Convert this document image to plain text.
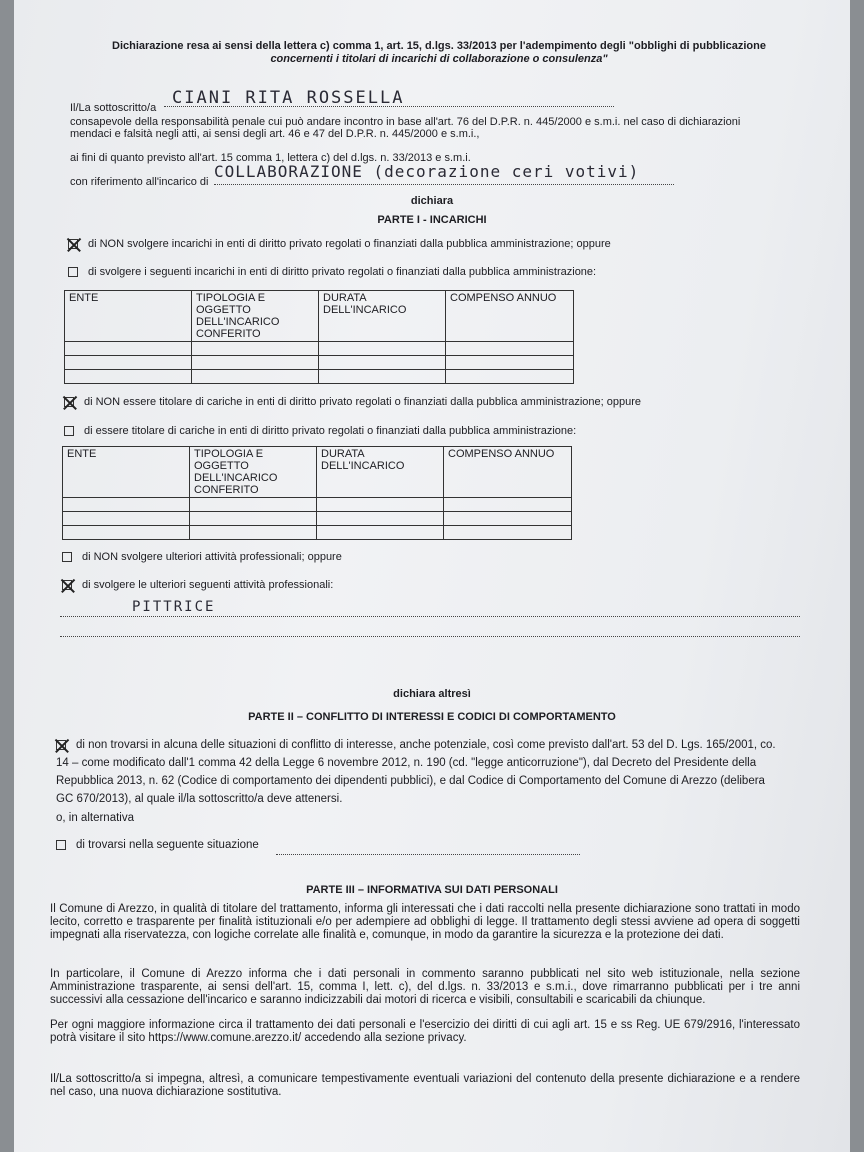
Dichiarazione resa ai sensi della lettera c) comma 1, art. 15, d.lgs. 33/2013 per l'adempimento degli "obblighi di pubblicazione
concernenti i titolari di incarichi di collaborazione o consulenza"
Il/La sottoscritto/a CIANI RITA ROSSELLA
consapevole della responsabilità penale cui può andare incontro in base all'art. 76 del D.P.R. n. 445/2000 e s.m.i. nel caso di dichiarazioni
mendaci e falsità negli atti, ai sensi degli art. 46 e 47 del D.P.R. n. 445/2000 e s.m.i.,
ai fini di quanto previsto all'art. 15 comma 1, lettera c) del d.lgs. n. 33/2013 e s.m.i.
con riferimento all'incarico di
COLLABORAZIONE (decorazione ceri votivi)
dichiara
PARTE I - INCARICHI
di NON svolgere incarichi in enti di diritto privato regolati o finanziati dalla pubblica amministrazione; oppure
di svolgere i seguenti incarichi in enti di diritto privato regolati o finanziati dalla pubblica amministrazione:
ENTE	TIPOLOGIA E OGGETTO DELL'INCARICO CONFERITO	DURATA DELL'INCARICO	COMPENSO ANNUO

di NON essere titolare di cariche in enti di diritto privato regolati o finanziati dalla pubblica amministrazione; oppure
di essere titolare di cariche in enti di diritto privato regolati o finanziati dalla pubblica amministrazione:
ENTE	TIPOLOGIA E OGGETTO DELL'INCARICO CONFERITO	DURATA DELL'INCARICO	COMPENSO ANNUO

di NON svolgere ulteriori attività professionali; oppure
di svolgere le ulteriori seguenti attività professionali:
PITTRICE
dichiara altresì
PARTE II – CONFLITTO DI INTERESSI E CODICI DI COMPORTAMENTO
di non trovarsi in alcuna delle situazioni di conflitto di interesse, anche potenziale, così come previsto dall'art. 53 del D. Lgs. 165/2001, co.
14 – come modificato dall'1 comma 42 della Legge 6 novembre 2012, n. 190 (cd. "legge anticorruzione"), dal Decreto del Presidente della
Repubblica 2013, n. 62 (Codice di comportamento dei dipendenti pubblici), e dal Codice di Comportamento del Comune di Arezzo (delibera
GC 670/2013), al quale il/la sottoscritto/a deve attenersi.
o, in alternativa
di trovarsi nella seguente situazione
PARTE III – INFORMATIVA SUI DATI PERSONALI
Il Comune di Arezzo, in qualità di titolare del trattamento, informa gli interessati che i dati raccolti nella presente dichiarazione sono trattati in modo lecito, corretto e trasparente per finalità istituzionali e/o per adempiere ad obblighi di legge. Il trattamento degli stessi avviene ad opera di soggetti impegnati alla riservatezza, con logiche correlate alle finalità e, comunque, in modo da garantire la sicurezza e la protezione dei dati.
In particolare, il Comune di Arezzo informa che i dati personali in commento saranno pubblicati nel sito web istituzionale, nella sezione Amministrazione trasparente, ai sensi dell'art. 15, comma I, lett. c), del d.lgs. n. 33/2013 e s.m.i., dove rimarranno pubblicati per i tre anni successivi alla cessazione dell'incarico e saranno indicizzabili dai motori di ricerca e visibili, consultabili e scaricabili da chiunque.
Per ogni maggiore informazione circa il trattamento dei dati personali e l'esercizio dei diritti di cui agli art. 15 e ss Reg. UE 679/2916, l'interessato potrà visitare il sito https://www.comune.arezzo.it/ accedendo alla sezione privacy.
Il/La sottoscritto/a si impegna, altresì, a comunicare tempestivamente eventuali variazioni del contenuto della presente dichiarazione e a rendere nel caso, una nuova dichiarazione sostitutiva.
